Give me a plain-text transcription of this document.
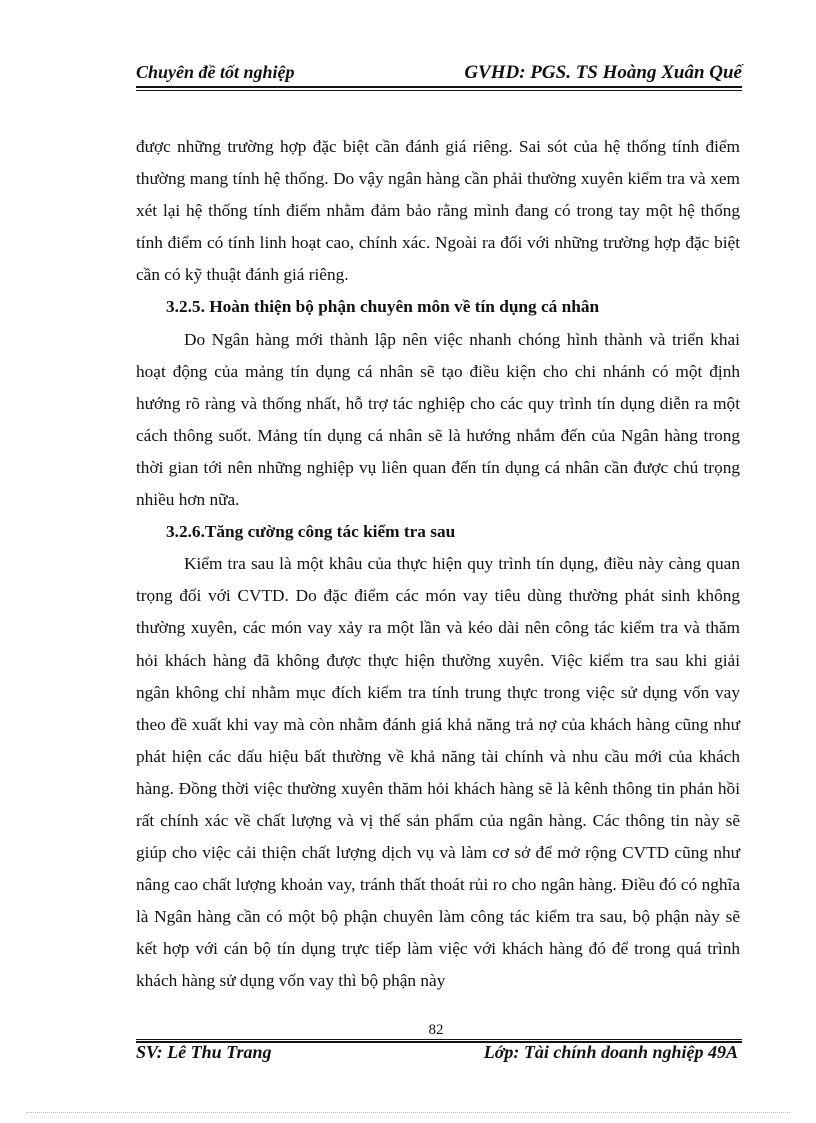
Chuyên đề tốt nghiệp	GVHD: PGS. TS Hoàng Xuân Quế

được những trường hợp đặc biệt cần đánh giá riêng. Sai sót của hệ thống tính điểm thường mang tính hệ thống. Do vậy ngân hàng cần phải thường xuyên kiểm tra và xem xét lại hệ thống tính điểm nhằm đảm bảo rằng mình đang có trong tay một hệ thống tính điểm có tính linh hoạt cao, chính xác. Ngoài ra đối với những trường hợp đặc biệt cần có kỹ thuật đánh giá riêng.

3.2.5. Hoàn thiện bộ phận chuyên môn về tín dụng cá nhân

Do Ngân hàng mới thành lập nên việc nhanh chóng hình thành và triển khai hoạt động của mảng tín dụng cá nhân sẽ tạo điều kiện cho chi nhánh có một định hướng rõ ràng và thống nhất, hỗ trợ tác nghiệp cho các quy trình tín dụng diễn ra một cách thông suốt. Mảng tín dụng cá nhân sẽ là hướng nhắm đến của Ngân hàng trong thời gian tới nên những nghiệp vụ liên quan đến tín dụng cá nhân cần được chú trọng nhiều hơn nữa.

3.2.6.Tăng cường công tác kiểm tra sau

Kiểm tra sau là một khâu của thực hiện quy trình tín dụng, điều này càng quan trọng đối với CVTD. Do đặc điểm các món vay tiêu dùng thường phát sinh không thường xuyên, các món vay xảy ra một lần và kéo dài nên công tác kiểm tra và thăm hỏi khách hàng đã không được thực hiện thường xuyên. Việc kiểm tra sau khi giải ngân không chỉ nhằm mục đích kiểm tra tính trung thực trong việc sử dụng vốn vay theo đề xuất khi vay mà còn nhằm đánh giá khả năng trả nợ của khách hàng cũng như phát hiện các dấu hiệu bất thường về khả năng tài chính và nhu cầu mới của khách hàng. Đồng thời việc thường xuyên thăm hỏi khách hàng sẽ là kênh thông tin phản hồi rất chính xác về chất lượng và vị thế sản phẩm của ngân hàng. Các thông tin này sẽ giúp cho việc cải thiện chất lượng dịch vụ và làm cơ sở để mở rộng CVTD cũng như nâng cao chất lượng khoản vay, tránh thất thoát rủi ro cho ngân hàng. Điều đó có nghĩa là Ngân hàng cần có một bộ phận chuyên làm công tác kiểm tra sau, bộ phận này sẽ kết hợp với cán bộ tín dụng trực tiếp làm việc với khách hàng đó để trong quá trình khách hàng sử dụng vốn vay thì bộ phận này

82
SV: Lê Thu Trang	Lớp: Tài chính doanh nghiệp 49A
